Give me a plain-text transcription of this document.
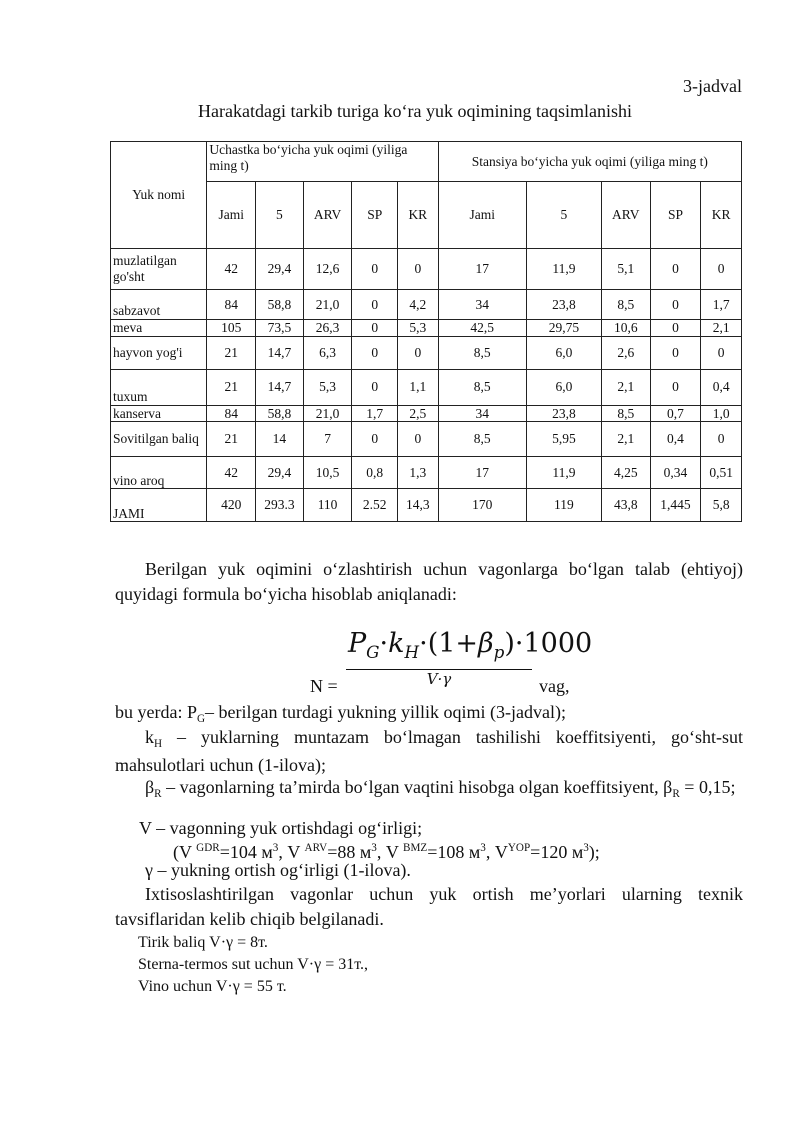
3-jadval
Harakatdagi tarkib turiga ko‘ra yuk oqimining taqsimlanishi
Yuk nomi	Uchastka bo‘yicha yuk oqimi (yiliga ming t)					Stansiya bo‘yicha yuk oqimi (yiliga ming t)				
	Jami	5	ARV	SP	KR	Jami	5	ARV	SP	KR
muzlatilgan go'sht	42	29,4	12,6	0	0	17	11,9	5,1	0	0
sabzavot	84	58,8	21,0	0	4,2	34	23,8	8,5	0	1,7
meva	105	73,5	26,3	0	5,3	42,5	29,75	10,6	0	2,1
hayvon yog'i	21	14,7	6,3	0	0	8,5	6,0	2,6	0	0
tuxum	21	14,7	5,3	0	1,1	8,5	6,0	2,1	0	0,4
kanserva	84	58,8	21,0	1,7	2,5	34	23,8	8,5	0,7	1,0
Sovitilgan baliq	21	14	7	0	0	8,5	5,95	2,1	0,4	0
vino aroq	42	29,4	10,5	0,8	1,3	17	11,9	4,25	0,34	0,51
JAMI	420	293.3	110	2.52	14,3	170	119	43,8	1,445	5,8

Berilgan yuk oqimini o‘zlashtirish uchun vagonlarga bo‘lgan talab (ehtiyoj) quyidagi formula bo‘yicha hisoblab aniqlanadi:

N =
$P_G\cdot k_H\cdot(1+\beta_p)\cdot 1000$
V·γ	vag,

bu yerda: $P_G-$ berilgan turdagi yukning yillik oqimi (3-jadval);

$k_H$ – yuklarning muntazam bo‘lmagan tashilishi koeffitsiyenti, go‘sht-sut mahsulotlari uchun (1-ilova);

$\beta_R$ – vagonlarning ta’mirda bo‘lgan vaqtini hisobga olgan koeffitsiyent, $\beta_R = 0,15$;

V – vagonning yuk ortishdagi og‘irligi;

(V $^{GDR}$=104 $м^3$, V $^{ARV}$=88 $м^3$, V $^{BMZ}$=108 $м^3$, $V^{YOP}=120$ $м^3$);

γ – yukning ortish og‘irligi (1-ilova).

Ixtisoslashtirilgan vagonlar uchun yuk ortish me’yorlari ularning texnik tavsiflaridan kelib chiqib belgilanadi.

Tirik baliq V·γ = 8т.
Sterna-termos sut uchun V·γ = 31т.,
Vino uchun V·γ = 55 т.
